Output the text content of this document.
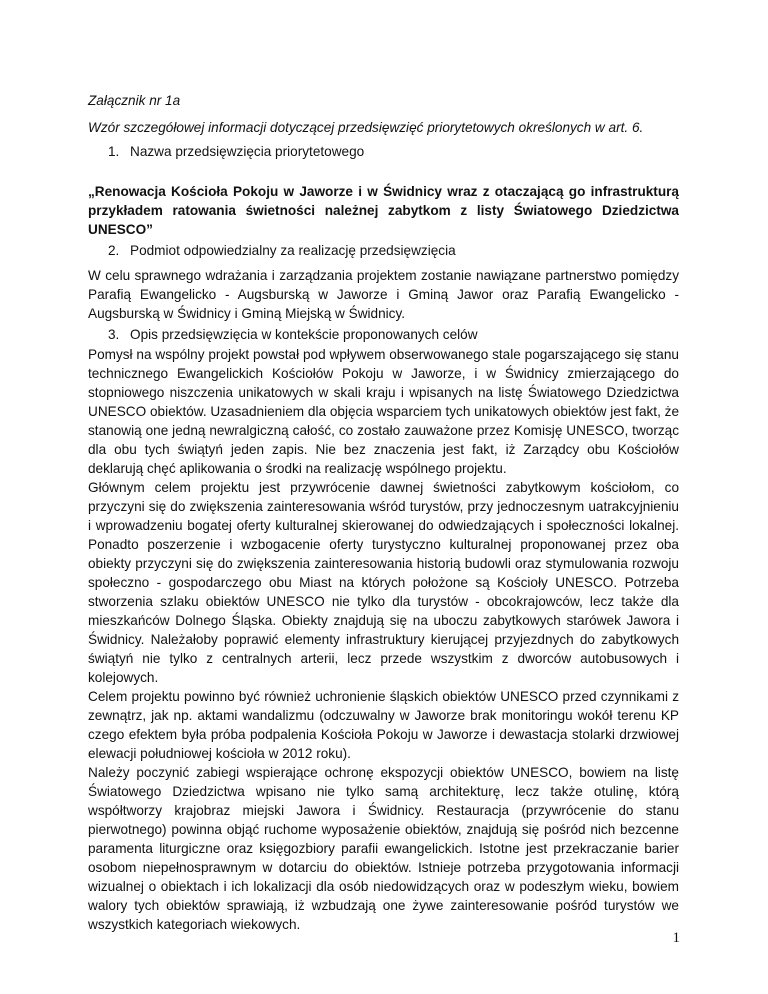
Załącznik nr 1a

Wzór szczegółowej informacji dotyczącej przedsięwzięć priorytetowych określonych w art. 6.

1. Nazwa przedsięwzięcia priorytetowego

„Renowacja Kościoła Pokoju w Jaworze i w Świdnicy wraz z otaczającą go infrastrukturą przykładem ratowania świetności należnej zabytkom z listy Światowego Dziedzictwa UNESCO”

2. Podmiot odpowiedzialny za realizację przedsięwzięcia

W celu sprawnego wdrażania i zarządzania projektem zostanie nawiązane partnerstwo pomiędzy Parafią Ewangelicko - Augsburską w Jaworze i Gminą Jawor oraz Parafią Ewangelicko - Augsburską w Świdnicy i Gminą Miejską w Świdnicy.

3. Opis przedsięwzięcia w kontekście proponowanych celów

Pomysł na wspólny projekt powstał pod wpływem obserwowanego stale pogarszającego się stanu technicznego Ewangelickich Kościołów Pokoju w Jaworze, i w Świdnicy zmierzającego do stopniowego niszczenia unikatowych w skali kraju i wpisanych na listę Światowego Dziedzictwa UNESCO obiektów. Uzasadnieniem dla objęcia wsparciem tych unikatowych obiektów jest fakt, że stanowią one jedną newralgiczną całość, co zostało zauważone przez Komisję UNESCO, tworząc dla obu tych świątyń jeden zapis. Nie bez znaczenia jest fakt, iż Zarządcy obu Kościołów deklarują chęć aplikowania o środki na realizację wspólnego projektu.

Głównym celem projektu jest przywrócenie dawnej świetności zabytkowym kościołom, co przyczyni się do zwiększenia zainteresowania wśród turystów, przy jednoczesnym uatrakcyjnieniu i wprowadzeniu bogatej oferty kulturalnej skierowanej do odwiedzających i społeczności lokalnej. Ponadto poszerzenie i wzbogacenie oferty turystyczno kulturalnej proponowanej przez oba obiekty przyczyni się do zwiększenia zainteresowania historią budowli oraz stymulowania rozwoju społeczno - gospodarczego obu Miast na których położone są Kościoły UNESCO. Potrzeba stworzenia szlaku obiektów UNESCO nie tylko dla turystów - obcokrajowców, lecz także dla mieszkańców Dolnego Śląska. Obiekty znajdują się na uboczu zabytkowych starówek Jawora i Świdnicy. Należałoby poprawić elementy infrastruktury kierującej przyjezdnych do zabytkowych świątyń nie tylko z centralnych arterii, lecz przede wszystkim z dworców autobusowych i kolejowych.

Celem projektu powinno być również uchronienie śląskich obiektów UNESCO przed czynnikami z zewnątrz, jak np. aktami wandalizmu (odczuwalny w Jaworze brak monitoringu wokół terenu KP czego efektem była próba podpalenia Kościoła Pokoju w Jaworze i dewastacja stolarki drzwiowej elewacji południowej kościoła w 2012 roku).

Należy poczynić zabiegi wspierające ochronę ekspozycji obiektów UNESCO, bowiem na listę Światowego Dziedzictwa wpisano nie tylko samą architekturę, lecz także otulinę, którą współtworzy krajobraz miejski Jawora i Świdnicy. Restauracja (przywrócenie do stanu pierwotnego) powinna objąć ruchome wyposażenie obiektów, znajdują się pośród nich bezcenne paramenta liturgiczne oraz księgozbiory parafii ewangelickich. Istotne jest przekraczanie barier osobom niepełnosprawnym w dotarciu do obiektów. Istnieje potrzeba przygotowania informacji wizualnej o obiektach i ich lokalizacji dla osób niedowidzących oraz w podeszłym wieku, bowiem walory tych obiektów sprawiają, iż wzbudzają one żywe zainteresowanie pośród turystów we wszystkich kategoriach wiekowych.

1
